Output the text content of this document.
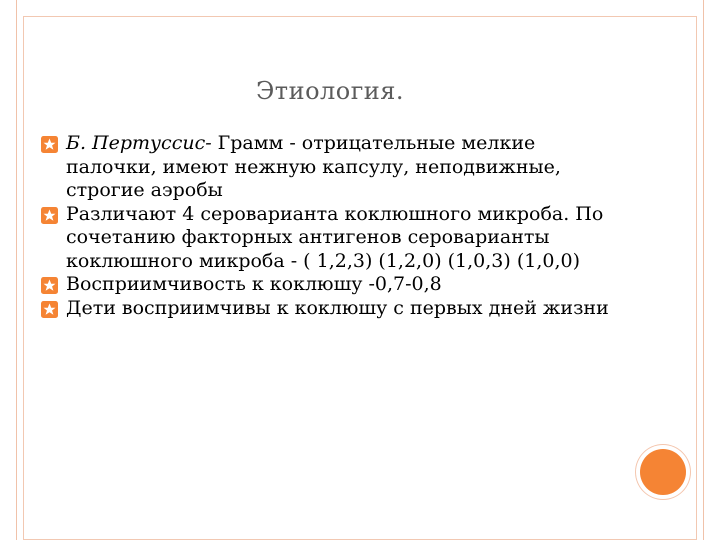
Этиология.
Б. Пертуссис- Грамм - отрицательные мелкие палочки, имеют нежную капсулу, неподвижные, строгие аэробы
Различают 4 сероварианта коклюшного микроба. По сочетанию факторных антигенов сероварианты коклюшного микроба - ( 1,2,3) (1,2,0) (1,0,3) (1,0,0)
Восприимчивость к коклюшу -0,7-0,8
Дети восприимчивы к коклюшу с первых дней жизни
